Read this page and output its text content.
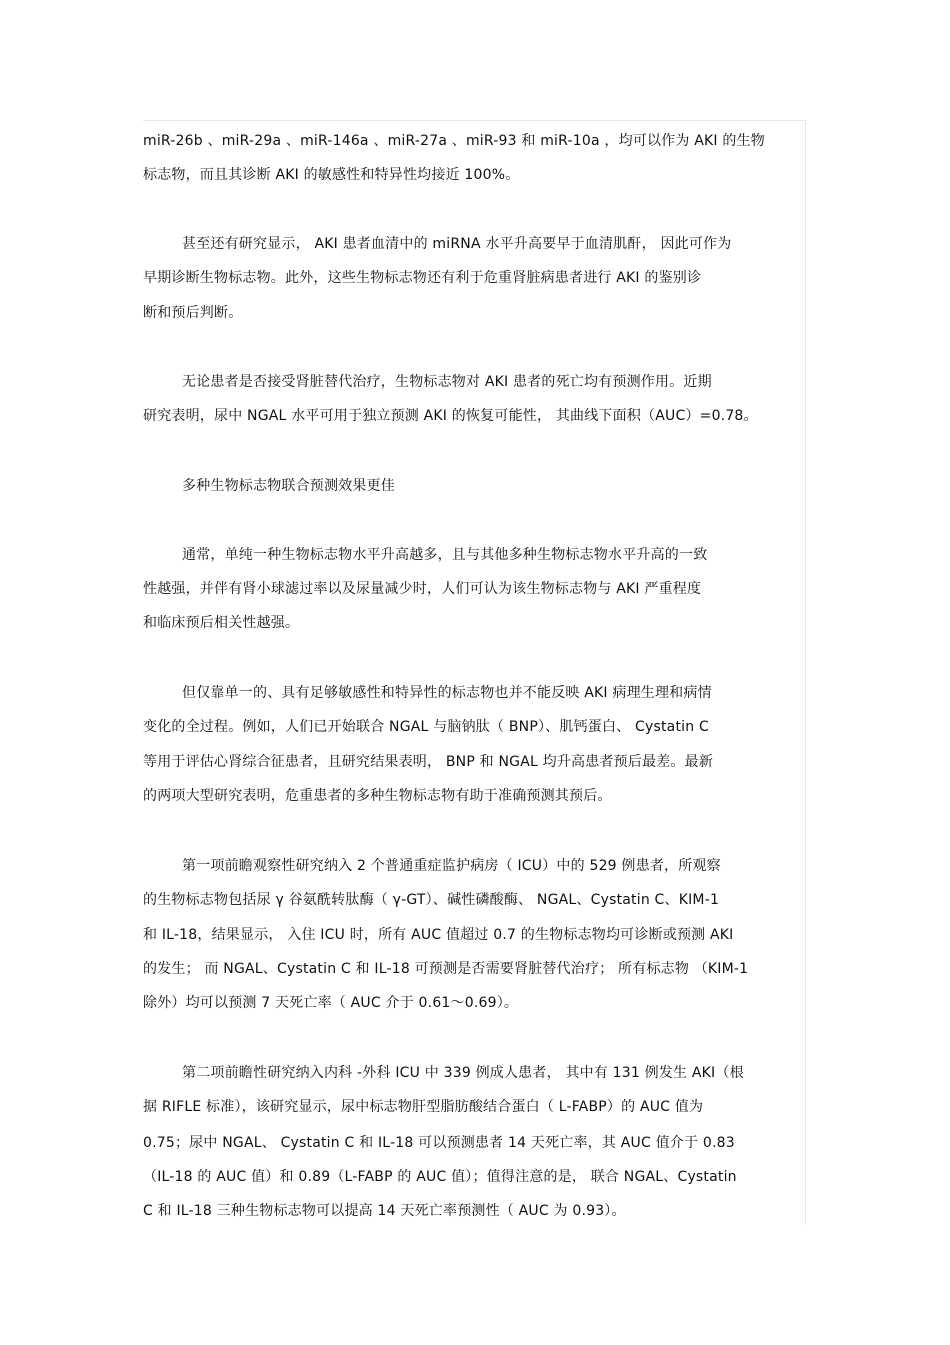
miR-26b 、miR-29a 、miR-146a 、miR-27a 、miR-93 和 miR-10a ，均可以作为 AKI 的生物
标志物，而且其诊断 AKI 的敏感性和特异性均接近 100%。
甚至还有研究显示， AKI 患者血清中的 miRNA 水平升高要早于血清肌酐， 因此可作为
早期诊断生物标志物。此外，这些生物标志物还有利于危重肾脏病患者进行 AKI 的鉴别诊
断和预后判断。
无论患者是否接受肾脏替代治疗，生物标志物对 AKI 患者的死亡均有预测作用。近期
研究表明，尿中 NGAL 水平可用于独立预测 AKI 的恢复可能性， 其曲线下面积（AUC）=0.78。
多种生物标志物联合预测效果更佳
通常，单纯一种生物标志物水平升高越多，且与其他多种生物标志物水平升高的一致
性越强，并伴有肾小球滤过率以及尿量减少时，人们可认为该生物标志物与 AKI 严重程度
和临床预后相关性越强。
但仅靠单一的、具有足够敏感性和特异性的标志物也并不能反映 AKI 病理生理和病情
变化的全过程。例如，人们已开始联合 NGAL 与脑钠肽（ BNP）、肌钙蛋白、 Cystatin C
等用于评估心肾综合征患者，且研究结果表明， BNP 和 NGAL 均升高患者预后最差。最新
的两项大型研究表明，危重患者的多种生物标志物有助于准确预测其预后。
第一项前瞻观察性研究纳入 2 个普通重症监护病房（ ICU）中的 529 例患者，所观察
的生物标志物包括尿 γ 谷氨酰转肽酶（ γ-GT）、碱性磷酸酶、 NGAL、Cystatin C、KIM-1
和 IL-18，结果显示， 入住 ICU 时，所有 AUC 值超过 0.7 的生物标志物均可诊断或预测 AKI
的发生； 而 NGAL、Cystatin C 和 IL-18 可预测是否需要肾脏替代治疗； 所有标志物 （KIM-1
除外）均可以预测 7 天死亡率（ AUC 介于 0.61～0.69）。
第二项前瞻性研究纳入内科 -外科 ICU 中 339 例成人患者， 其中有 131 例发生 AKI（根
据 RIFLE 标准），该研究显示，尿中标志物肝型脂肪酸结合蛋白（ L-FABP）的 AUC 值为
0.75；尿中 NGAL、 Cystatin C 和 IL-18 可以预测患者 14 天死亡率，其 AUC 值介于 0.83
（IL-18 的 AUC 值）和 0.89（L-FABP 的 AUC 值）；值得注意的是， 联合 NGAL、Cystatin
C 和 IL-18 三种生物标志物可以提高 14 天死亡率预测性（ AUC 为 0.93）。
